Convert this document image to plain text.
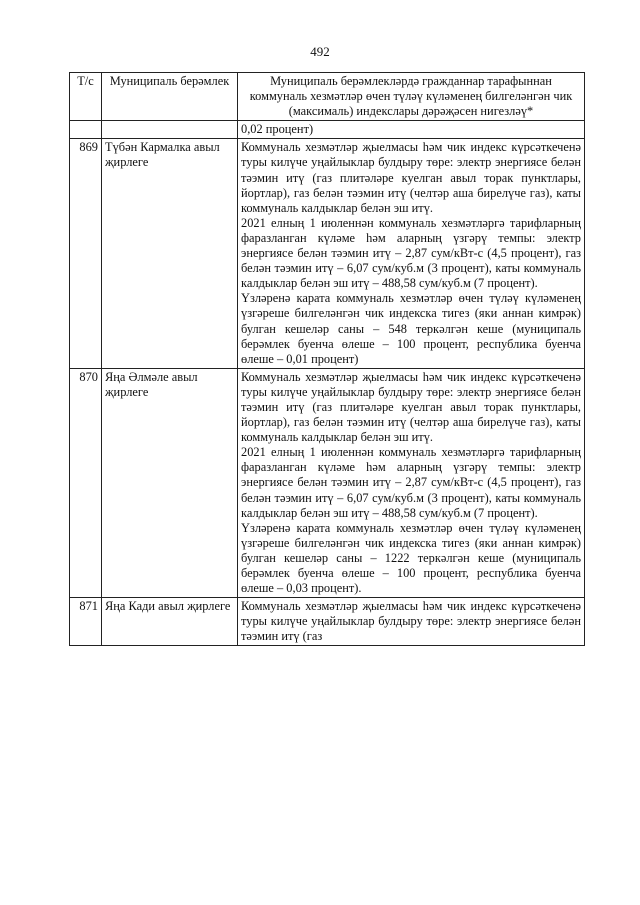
492
Т/с	Муниципаль берәмлек	Муниципаль берәмлекләрдә гражданнар тарафыннан коммуналь хезмәтләр өчен түләү күләменең билгеләнгән чик (максималь) индекслары дәрәҗәсен нигезләү*
		0,02 процент)
869	Түбән Кармалка авыл җирлеге	Коммуналь хезмәтләр җыелмасы һәм чик индекс күрсәткеченә туры килүче уңайлыклар булдыру төре: электр энергиясе белән тәэмин итү (газ плитәләре куелган авыл торак пунктлары, йортлар), газ белән тәэмин итү (челтәр аша бирелүче газ), каты коммуналь калдыклар белән эш итү.

2021 елның 1 июленнән коммуналь хезмәтләргә тарифларның фаразланган күләме һәм аларның үзгәрү темпы: электр энергиясе белән тәэмин итү – 2,87 сум/кВт-с (4,5 процент), газ белән тәэмин итү – 6,07 сум/куб.м (3 процент), каты коммуналь калдыклар белән эш итү – 488,58 сум/куб.м (7 процент).

Үзләренә карата коммуналь хезмәтләр өчен түләү күләменең үзгәреше билгеләнгән чик индекска тигез (яки аннан кимрәк) булган кешеләр саны – 548 теркәлгән кеше (муниципаль берәмлек буенча өлеше – 100 процент, республика буенча өлеше – 0,01 процент)

870	Яңа Әлмәле авыл җирлеге	Коммуналь хезмәтләр җыелмасы һәм чик индекс күрсәткеченә туры килүче уңайлыклар булдыру төре: электр энергиясе белән тәэмин итү (газ плитәләре куелган авыл торак пунктлары, йортлар), газ белән тәэмин итү (челтәр аша бирелүче газ), каты коммуналь калдыклар белән эш итү.

2021 елның 1 июленнән коммуналь хезмәтләргә тарифларның фаразланган күләме һәм аларның үзгәрү темпы: электр энергиясе белән тәэмин итү – 2,87 сум/кВт-с (4,5 процент), газ белән тәэмин итү – 6,07 сум/куб.м (3 процент), каты коммуналь калдыклар белән эш итү – 488,58 сум/куб.м (7 процент).

Үзләренә карата коммуналь хезмәтләр өчен түләү күләменең үзгәреше билгеләнгән чик индекска тигез (яки аннан кимрәк) булган кешеләр саны – 1222 теркәлгән кеше (муниципаль берәмлек буенча өлеше – 100 процент, республика буенча өлеше – 0,03 процент).

871	Яңа Кади авыл җирлеге	Коммуналь хезмәтләр җыелмасы һәм чик индекс күрсәткеченә туры килүче уңайлыклар булдыру төре: электр энергиясе белән тәэмин итү (газ
